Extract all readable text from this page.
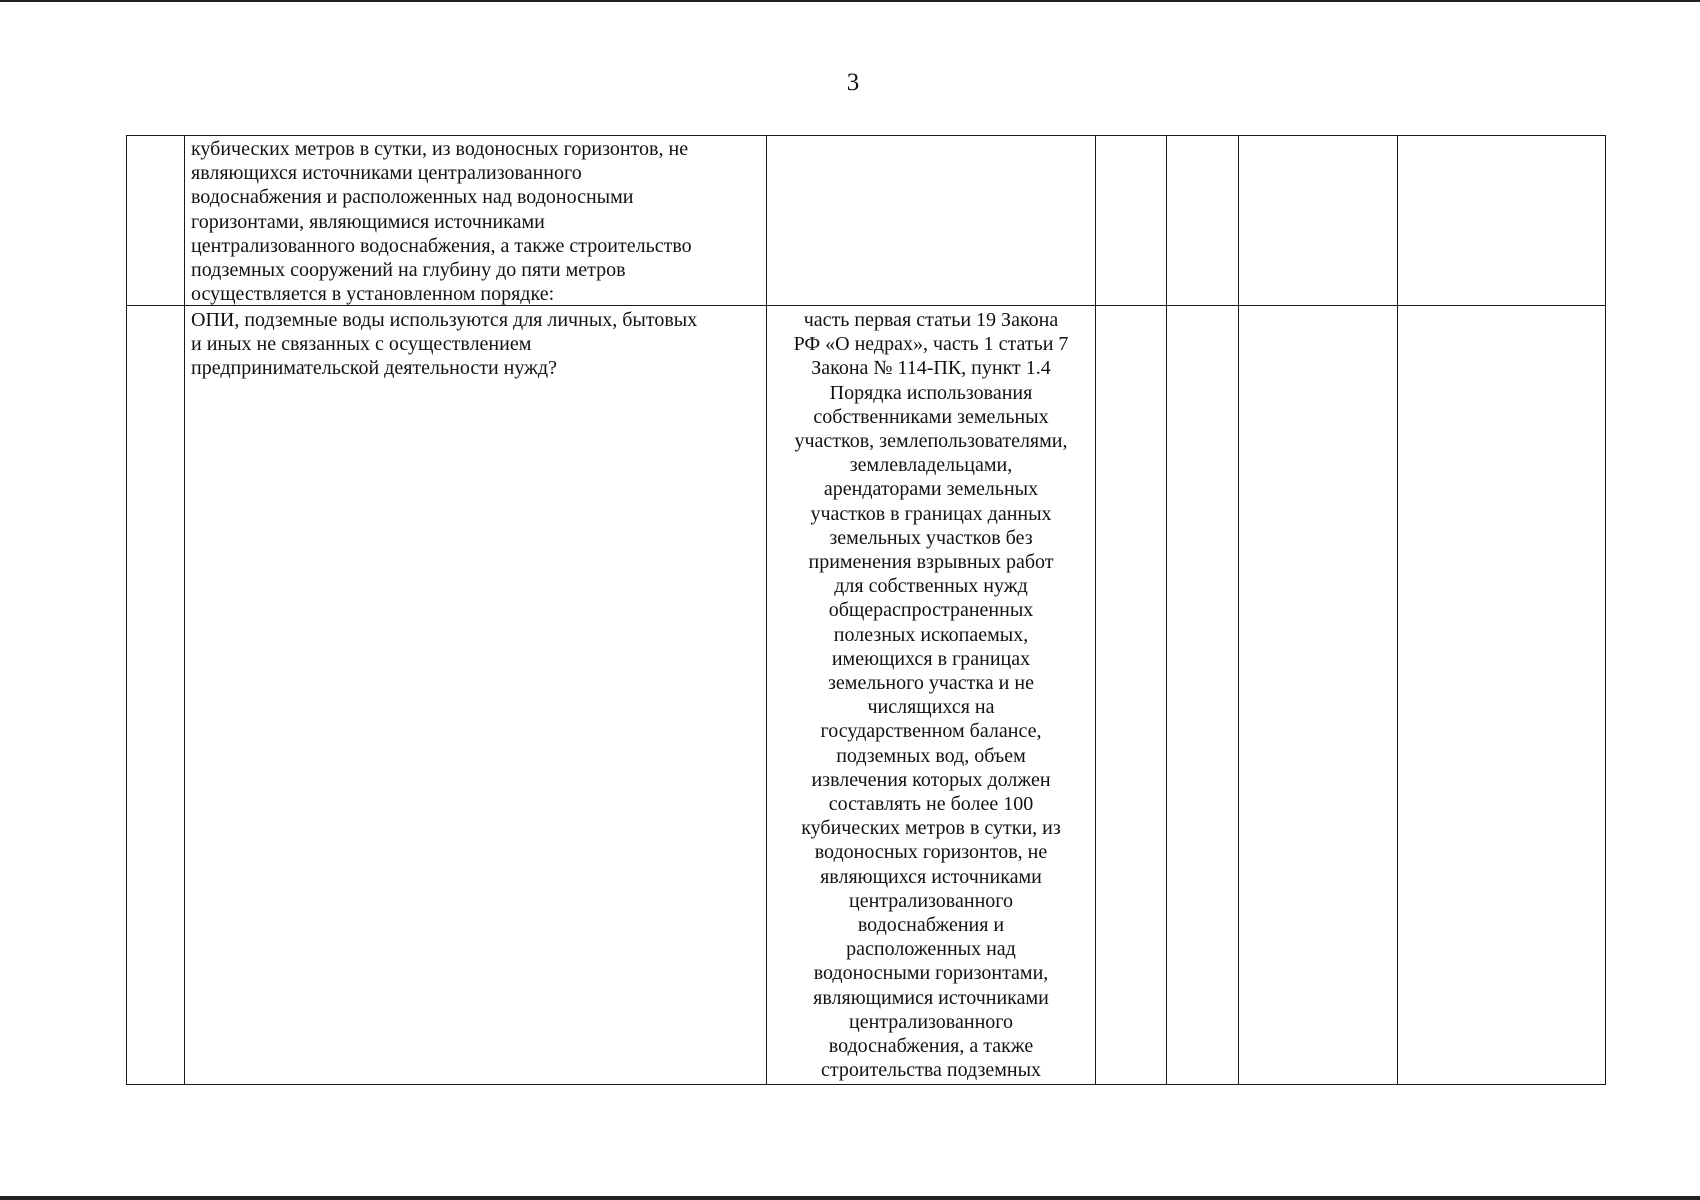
3

кубических метров в сутки, из водоносных горизонтов, не

являющихся источниками централизованного

водоснабжения и расположенных над водоносными

горизонтами, являющимися источниками

централизованного водоснабжения, а также строительство

подземных сооружений на глубину до пяти метров

осуществляется в установленном порядке:

ОПИ, подземные воды используются для личных, бытовых

и иных не связанных с осуществлением

предпринимательской деятельности нужд?

часть первая статьи 19 Закона

РФ «О недрах», часть 1 статьи 7

Закона № 114-ПК, пункт 1.4

Порядка использования

собственниками земельных

участков, землепользователями,

землевладельцами,

арендаторами земельных

участков в границах данных

земельных участков без

применения взрывных работ

для собственных нужд

общераспространенных

полезных ископаемых,

имеющихся в границах

земельного участка и не

числящихся на

государственном балансе,

подземных вод, объем

извлечения которых должен

составлять не более 100

кубических метров в сутки, из

водоносных горизонтов, не

являющихся источниками

централизованного

водоснабжения и

расположенных над

водоносными горизонтами,

являющимися источниками

централизованного

водоснабжения, а также

строительства подземных
